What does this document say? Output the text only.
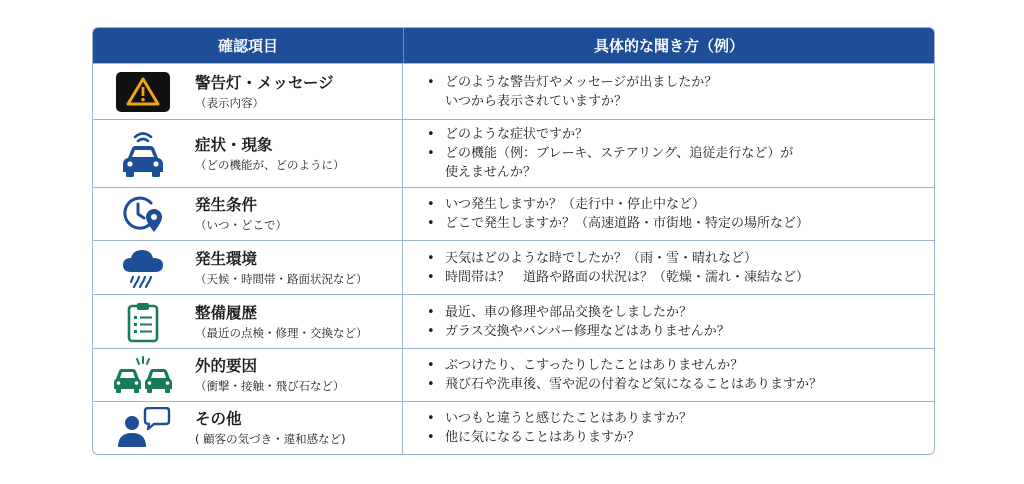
確認項目	具体的な聞き方（例）
警告灯・メッセージ
（表示内容）
• どのような警告灯やメッセージが出ましたか？
いつから表示されていますか？
症状・現象
（どの機能が、どのように）
• どのような症状ですか？
• どの機能（例：ブレーキ、ステアリング、追従走行など）が
使えませんか？
発生条件
（いつ・どこで）
• いつ発生しますか？（走行中・停止中など）
• どこで発生しますか？（高速道路・市街地・特定の場所など）
発生環境
（天候・時間帯・路面状況など）
• 天気はどのような時でしたか？（雨・雪・晴れなど）
• 時間帯は？　道路や路面の状況は？（乾燥・濡れ・凍結など）
整備履歴
（最近の点検・修理・交換など）
• 最近、車の修理や部品交換をしましたか？
• ガラス交換やバンパー修理などはありませんか？
外的要因
（衝撃・接触・飛び石など）
• ぶつけたり、こすったりしたことはありませんか？
• 飛び石や洗車後、雪や泥の付着など気になることはありますか？
その他
( 顧客の気づき・違和感など)
• いつもと違うと感じたことはありますか？
• 他に気になることはありますか？
